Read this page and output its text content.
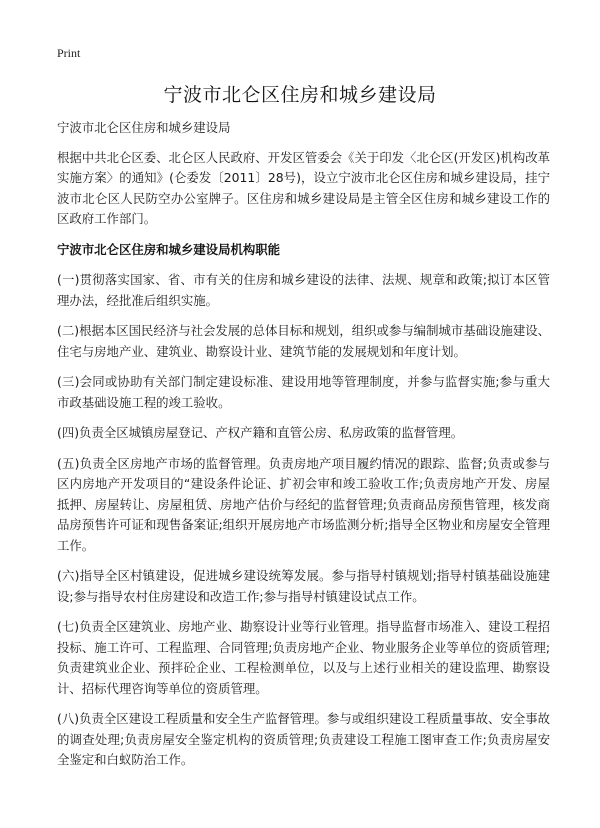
Print
宁波市北仑区住房和城乡建设局

宁波市北仑区住房和城乡建设局

根据中共北仑区委、北仑区人民政府、开发区管委会《关于印发〈北仑区(开发区)机构改革实施方案〉的通知》(仑委发〔2011〕28号)，设立宁波市北仑区住房和城乡建设局，挂宁波市北仑区人民防空办公室牌子。区住房和城乡建设局是主管全区住房和城乡建设工作的区政府工作部门。

宁波市北仑区住房和城乡建设局机构职能

(一)贯彻落实国家、省、市有关的住房和城乡建设的法律、法规、规章和政策;拟订本区管理办法，经批准后组织实施。

(二)根据本区国民经济与社会发展的总体目标和规划，组织或参与编制城市基础设施建设、住宅与房地产业、建筑业、勘察设计业、建筑节能的发展规划和年度计划。

(三)会同或协助有关部门制定建设标准、建设用地等管理制度，并参与监督实施;参与重大市政基础设施工程的竣工验收。

(四)负责全区城镇房屋登记、产权产籍和直管公房、私房政策的监督管理。

(五)负责全区房地产市场的监督管理。负责房地产项目履约情况的跟踪、监督;负责或参与区内房地产开发项目的“建设条件论证、扩初会审和竣工验收工作;负责房地产开发、房屋抵押、房屋转让、房屋租赁、房地产估价与经纪的监督管理;负责商品房预售管理，核发商品房预售许可证和现售备案证;组织开展房地产市场监测分析;指导全区物业和房屋安全管理工作。

(六)指导全区村镇建设，促进城乡建设统筹发展。参与指导村镇规划;指导村镇基础设施建设;参与指导农村住房建设和改造工作;参与指导村镇建设试点工作。

(七)负责全区建筑业、房地产业、勘察设计业等行业管理。指导监督市场准入、建设工程招投标、施工许可、工程监理、合同管理;负责房地产企业、物业服务企业等单位的资质管理;负责建筑业企业、预拌砼企业、工程检测单位，以及与上述行业相关的建设监理、勘察设计、招标代理咨询等单位的资质管理。

(八)负责全区建设工程质量和安全生产监督管理。参与或组织建设工程质量事故、安全事故的调查处理;负责房屋安全鉴定机构的资质管理;负责建设工程施工图审查工作;负责房屋安全鉴定和白蚁防治工作。
